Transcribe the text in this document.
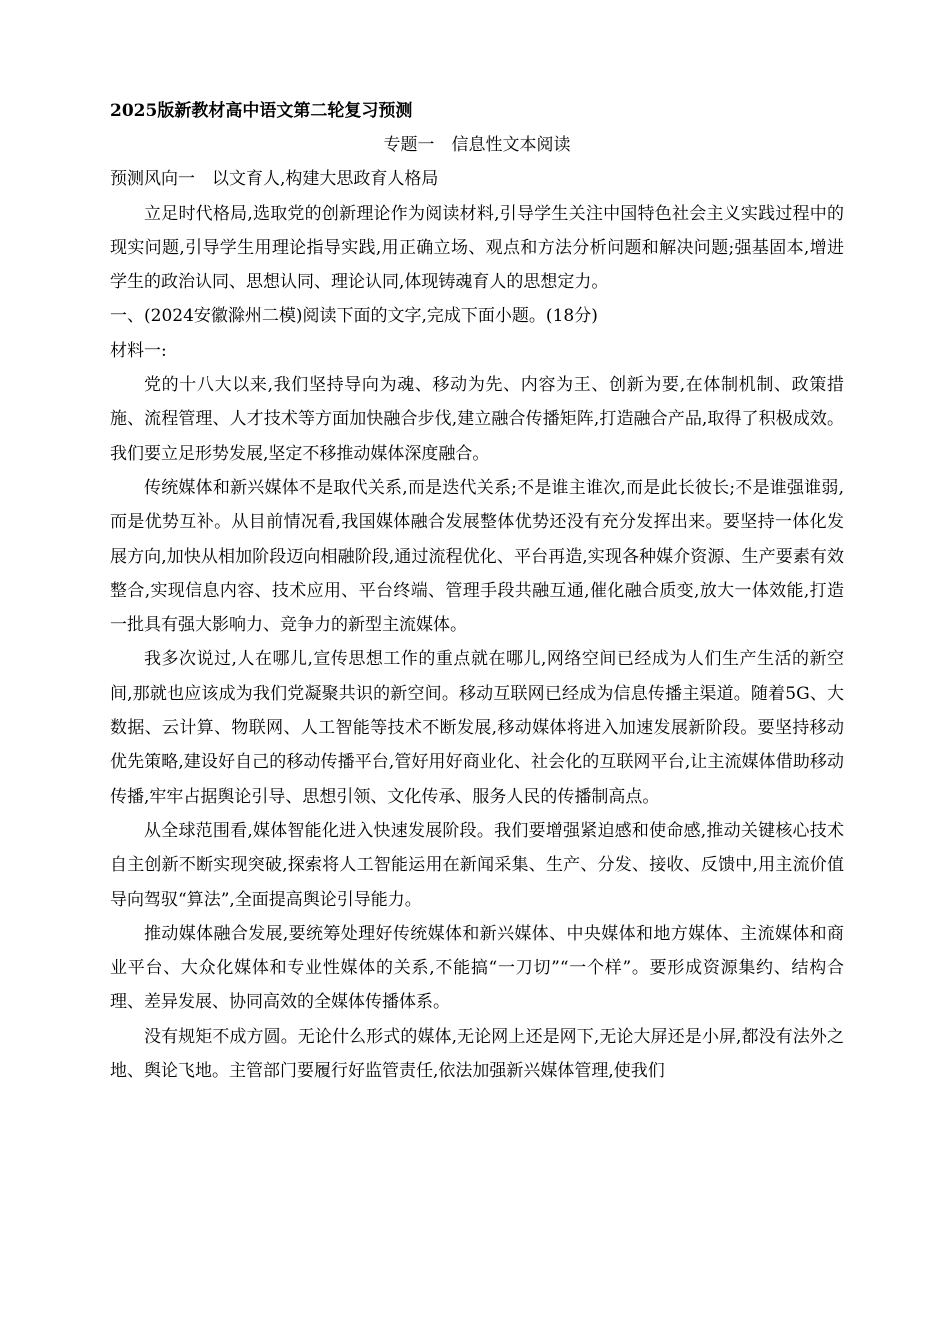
2025版新教材高中语文第二轮复习预测
专题一　信息性文本阅读
预测风向一　以文育人,构建大思政育人格局

立足时代格局,选取党的创新理论作为阅读材料,引导学生关注中国特色社会主义实践过程中的现实问题,引导学生用理论指导实践,用正确立场、观点和方法分析问题和解决问题;强基固本,增进学生的政治认同、思想认同、理论认同,体现铸魂育人的思想定力。

一、(2024安徽滁州二模)阅读下面的文字,完成下面小题。(18分)

材料一:

党的十八大以来,我们坚持导向为魂、移动为先、内容为王、创新为要,在体制机制、政策措施、流程管理、人才技术等方面加快融合步伐,建立融合传播矩阵,打造融合产品,取得了积极成效。我们要立足形势发展,坚定不移推动媒体深度融合。

传统媒体和新兴媒体不是取代关系,而是迭代关系;不是谁主谁次,而是此长彼长;不是谁强谁弱,而是优势互补。从目前情况看,我国媒体融合发展整体优势还没有充分发挥出来。要坚持一体化发展方向,加快从相加阶段迈向相融阶段,通过流程优化、平台再造,实现各种媒介资源、生产要素有效整合,实现信息内容、技术应用、平台终端、管理手段共融互通,催化融合质变,放大一体效能,打造一批具有强大影响力、竞争力的新型主流媒体。

我多次说过,人在哪儿,宣传思想工作的重点就在哪儿,网络空间已经成为人们生产生活的新空间,那就也应该成为我们党凝聚共识的新空间。移动互联网已经成为信息传播主渠道。随着5G、大数据、云计算、物联网、人工智能等技术不断发展,移动媒体将进入加速发展新阶段。要坚持移动优先策略,建设好自己的移动传播平台,管好用好商业化、社会化的互联网平台,让主流媒体借助移动传播,牢牢占据舆论引导、思想引领、文化传承、服务人民的传播制高点。

从全球范围看,媒体智能化进入快速发展阶段。我们要增强紧迫感和使命感,推动关键核心技术自主创新不断实现突破,探索将人工智能运用在新闻采集、生产、分发、接收、反馈中,用主流价值导向驾驭“算法”,全面提高舆论引导能力。

推动媒体融合发展,要统筹处理好传统媒体和新兴媒体、中央媒体和地方媒体、主流媒体和商业平台、大众化媒体和专业性媒体的关系,不能搞“一刀切”“一个样”。要形成资源集约、结构合理、差异发展、协同高效的全媒体传播体系。

没有规矩不成方圆。无论什么形式的媒体,无论网上还是网下,无论大屏还是小屏,都没有法外之地、舆论飞地。主管部门要履行好监管责任,依法加强新兴媒体管理,使我们
